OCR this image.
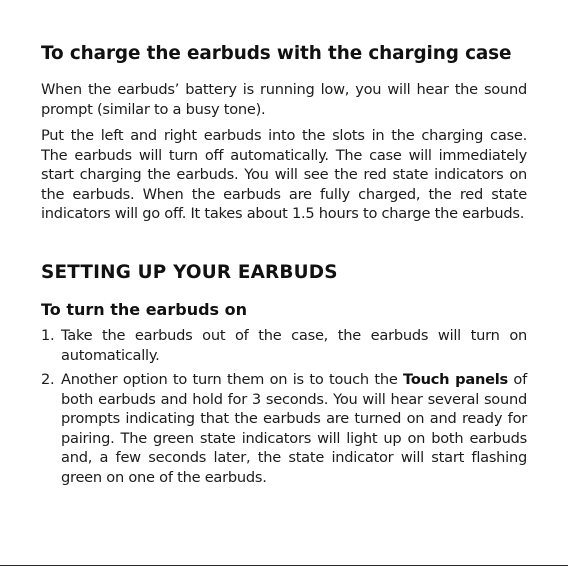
To charge the earbuds with the charging case

When the earbuds’ battery is running low, you will hear the sound prompt (similar to a busy tone).

Put the left and right earbuds into the slots in the charging case. The earbuds will turn off automatically. The case will immediately start charging the earbuds. You will see the red state indicators on the earbuds. When the earbuds are fully charged, the red state indicators will go off. It takes about 1.5 hours to charge the earbuds.

SETTING UP YOUR EARBUDS
To turn the earbuds on
1. Take the earbuds out of the case, the earbuds will turn on automatically.
2. Another option to turn them on is to touch the Touch panels of both earbuds and hold for 3 seconds. You will hear several sound prompts indicating that the earbuds are turned on and ready for pairing. The green state indicators will light up on both earbuds and, a few seconds later, the state indicator will start flashing green on one of the earbuds.
